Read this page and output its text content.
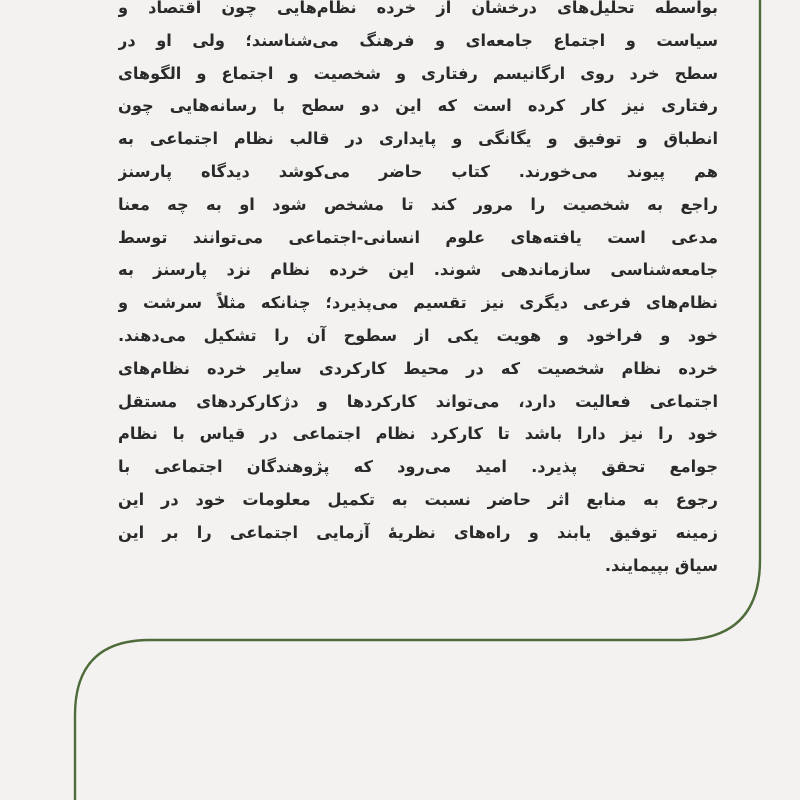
بواسطه تحلیل‌های درخشان از خرده نظام‌هایی چون اقتصاد و
سیاست و اجتماع جامعه‌ای و فرهنگ می‌شناسند؛ ولی او در
سطح خرد روی ارگانیسم رفتاری و شخصیت و اجتماع و الگوهای
رفتاری نیز کار کرده است که این دو سطح با رسانه‌هایی چون
انطباق و توفیق و یگانگی و پایداری در قالب نظام اجتماعی به
هم پیوند می‌خورند. کتاب حاضر می‌کوشد دیدگاه پارسنز
راجع به شخصیت را مرور کند تا مشخص شود او به چه معنا
مدعی است یافته‌های علوم انسانی-اجتماعی می‌توانند توسط
جامعه‌شناسی سازماندهی شوند. این خرده نظام نزد پارسنز به
نظام‌های فرعی دیگری نیز تقسیم می‌پذیرد؛ چنانکه مثلاً سرشت و
خود و فراخود و هویت یکی از سطوح آن را تشکیل می‌دهند.
خرده نظام شخصیت که در محیط کارکردی سایر خرده نظام‌های
اجتماعی فعالیت دارد، می‌تواند کارکردها و دژکارکردهای مستقل
خود را نیز دارا باشد تا کارکرد نظام اجتماعی در قیاس با نظام
جوامع تحقق پذیرد. امید می‌رود که پژوهندگان اجتماعی با
رجوع به منابع اثر حاضر نسبت به تکمیل معلومات خود در این
زمینه توفیق یابند و راه‌های نظریهٔ آزمایی اجتماعی را بر این
سیاق بپیمایند.
